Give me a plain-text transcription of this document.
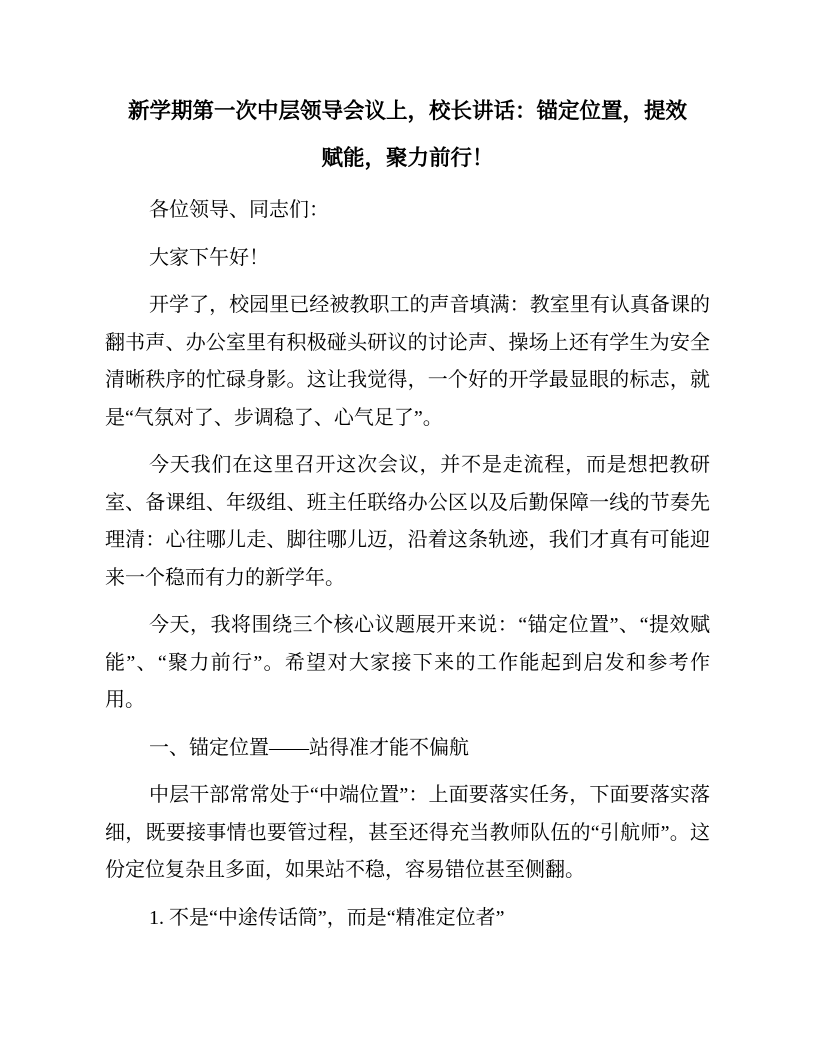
新学期第一次中层领导会议上，校长讲话：锚定位置，提效赋能，聚力前行！

各位领导、同志们：

大家下午好！

开学了，校园里已经被教职工的声音填满：教室里有认真备课的翻书声、办公室里有积极碰头研议的讨论声、操场上还有学生为安全清晰秩序的忙碌身影。这让我觉得，一个好的开学最显眼的标志，就是“气氛对了、步调稳了、心气足了”。

今天我们在这里召开这次会议，并不是走流程，而是想把教研室、备课组、年级组、班主任联络办公区以及后勤保障一线的节奏先理清：心往哪儿走、脚往哪儿迈，沿着这条轨迹，我们才真有可能迎来一个稳而有力的新学年。

今天，我将围绕三个核心议题展开来说：“锚定位置”、“提效赋能”、“聚力前行”。希望对大家接下来的工作能起到启发和参考作用。

一、锚定位置——站得准才能不偏航

中层干部常常处于“中端位置”：上面要落实任务，下面要落实落细，既要接事情也要管过程，甚至还得充当教师队伍的“引航师”。这份定位复杂且多面，如果站不稳，容易错位甚至侧翻。

1. 不是“中途传话筒”，而是“精准定位者”
